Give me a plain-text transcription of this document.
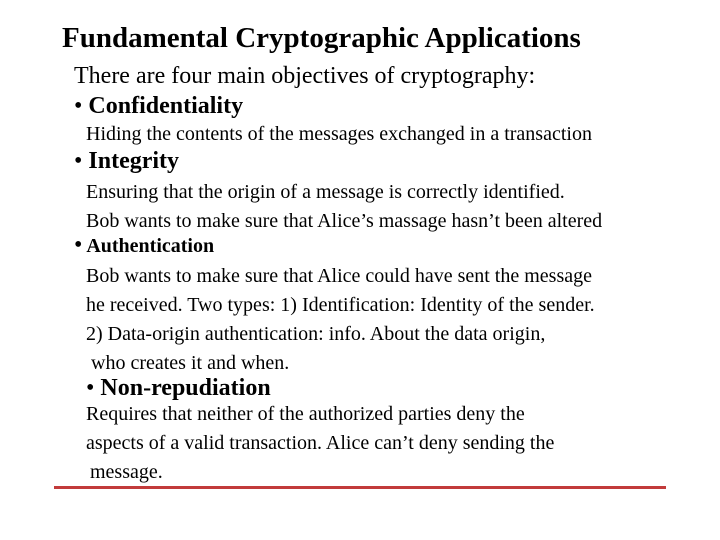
Fundamental Cryptographic Applications
There are four main objectives of cryptography:
• Confidentiality
Hiding the contents of the messages exchanged in a transaction
• Integrity
Ensuring that the origin of a message is correctly identified.
Bob wants to make sure that Alice’s massage hasn’t been altered
• Authentication
Bob wants to make sure that Alice could have sent the message
he received. Two types: 1) Identification: Identity of the sender.
2) Data-origin authentication: info. About the data origin,
who creates it and when.
• Non-repudiation
Requires that neither of the authorized parties deny the
aspects of a valid transaction. Alice can’t deny sending the
message.
